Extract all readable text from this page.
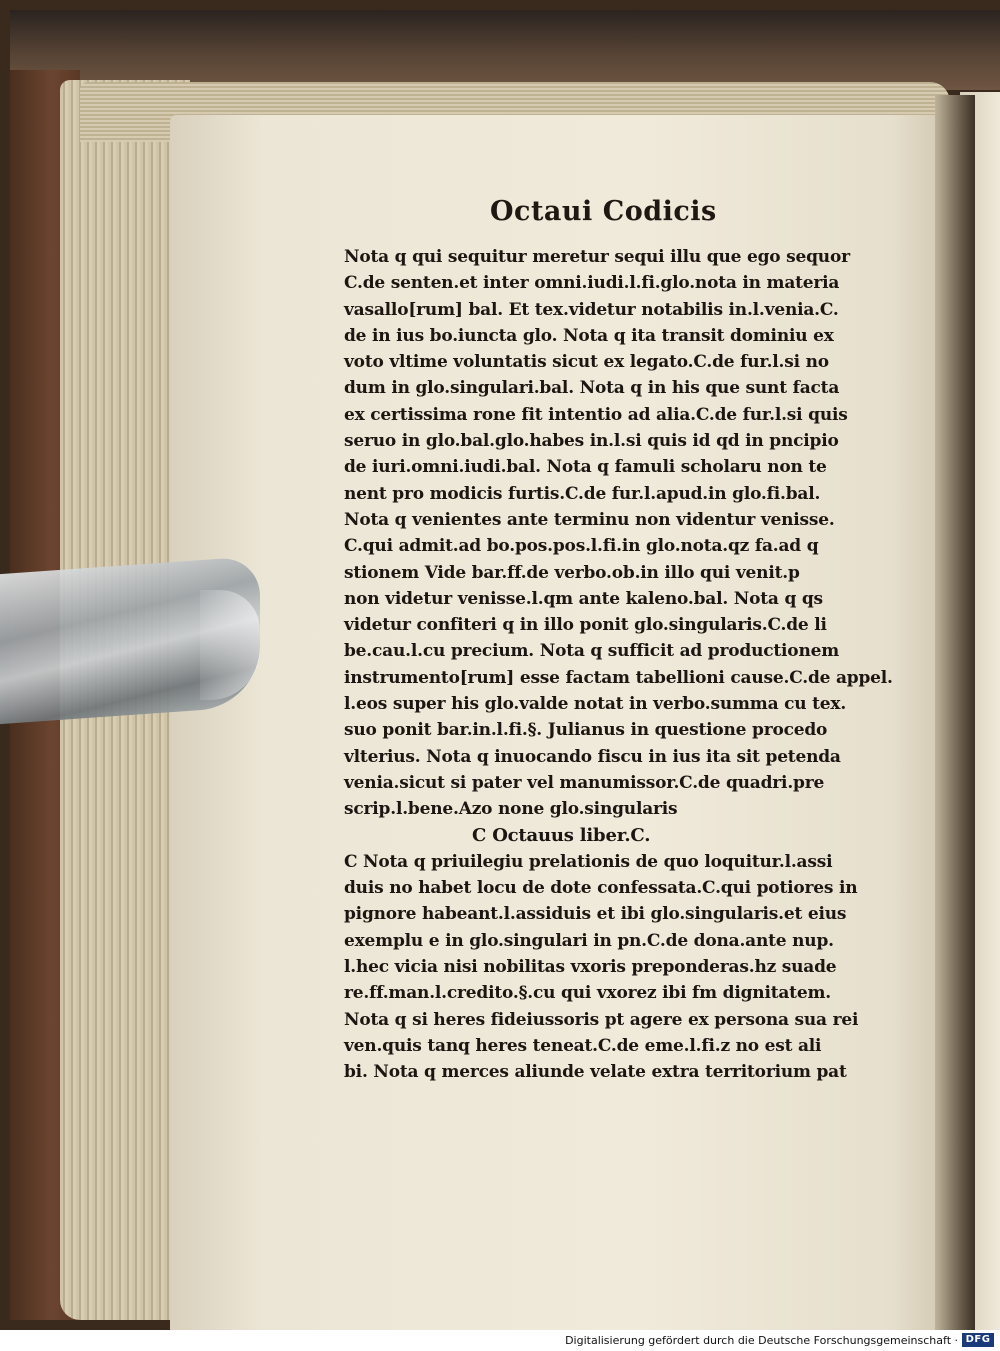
Octaui Codicis
Nota q qui sequitur meretur sequi illu que ego sequor
C.de senten.et inter omni.iudi.l.fi.glo.nota in materia
vasallo[rum] bal. Et tex.videtur notabilis in.l.venia.C.
de in ius bo.iuncta glo. Nota q ita transit dominiu ex
voto vltime voluntatis sicut ex legato.C.de fur.l.si no
dum in glo.singulari.bal. Nota q in his que sunt facta
ex certissima rone fit intentio ad alia.C.de fur.l.si quis
seruo in glo.bal.glo.habes in.l.si quis id qd in pncipio
de iuri.omni.iudi.bal. Nota q famuli scholaru non te
nent pro modicis furtis.C.de fur.l.apud.in glo.fi.bal.
Nota q venientes ante terminu non videntur venisse.
C.qui admit.ad bo.pos.pos.l.fi.in glo.nota.qz fa.ad q
stionem Vide bar.ff.de verbo.ob.in illo qui venit.p
non videtur venisse.l.qm ante kaleno.bal. Nota q qs
videtur confiteri q in illo ponit glo.singularis.C.de li
be.cau.l.cu precium. Nota q sufficit ad productionem
instrumento[rum] esse factam tabellioni cause.C.de appel.
l.eos super his glo.valde notat in verbo.summa cu tex.
suo ponit bar.in.l.fi.§. Julianus in questione procedo
vlterius. Nota q inuocando fiscu in ius ita sit petenda
venia.sicut si pater vel manumissor.C.de quadri.pre
scrip.l.bene.Azo none glo.singularis
C Octauus liber.C.
C Nota q priuilegiu prelationis de quo loquitur.l.assi
duis no habet locu de dote confessata.C.qui potiores in
pignore habeant.l.assiduis et ibi glo.singularis.et eius
exemplu e in glo.singulari in pn.C.de dona.ante nup.
l.hec vicia nisi nobilitas vxoris preponderas.hz suade
re.ff.man.l.credito.§.cu qui vxorez ibi fm dignitatem.
Nota q si heres fideiussoris pt agere ex persona sua rei
ven.quis tanq heres teneat.C.de eme.l.fi.z no est ali
bi. Nota q merces aliunde velate extra territorium pat
Digitalisierung gefördert durch die Deutsche Forschungsgemeinschaft · DFG
